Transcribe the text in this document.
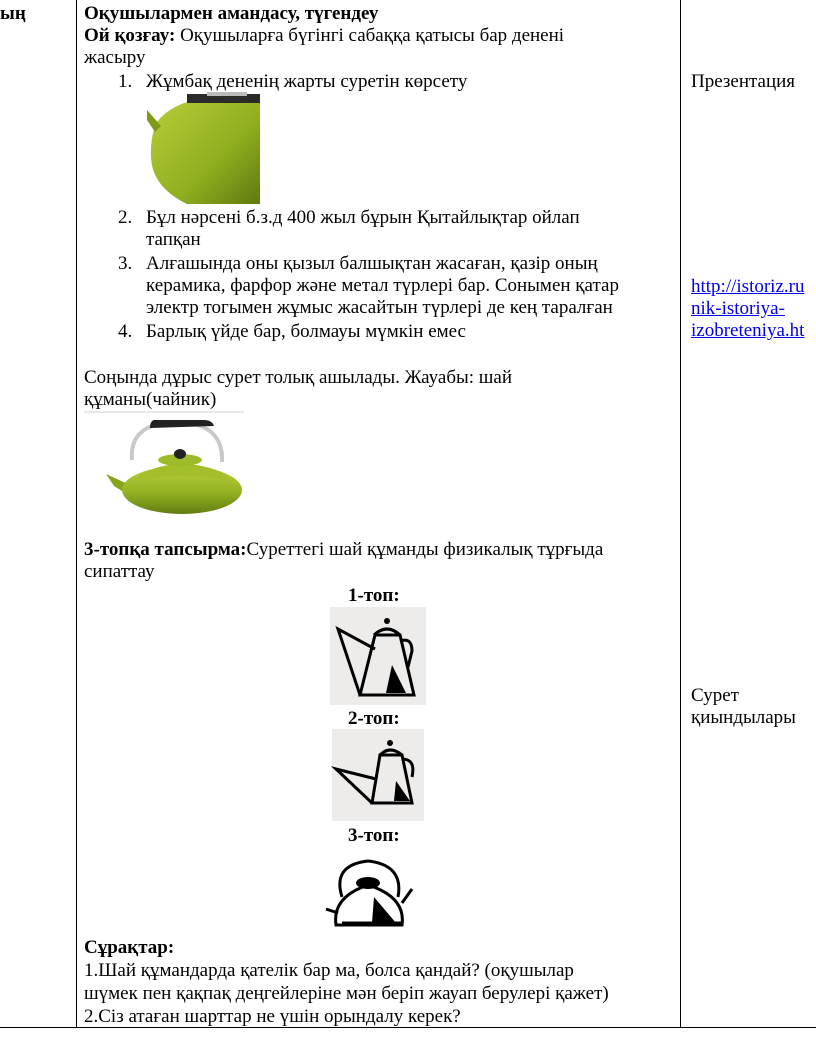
ың	Оқушылармен амандасу, түгендеу
Ой қозғау: Оқушыларға бүгінгі сабаққа қатысы бар денені
жасыру
1. Жұмбақ дененің жарты суретін көрсету
2. Бұл нәрсені б.з.д 400 жыл бұрын Қытайлықтар ойлап
тапқан
3. Алғашында оны қызыл балшықтан жасаған, қазір оның
керамика, фарфор және метал түрлері бар. Сонымен қатар
электр тогымен жұмыс жасайтын түрлері де кең таралған
4. Барлық үйде бар, болмауы мүмкін емес
Соңында дұрыс сурет толық ашылады. Жауабы: шай
құманы(чайник)
3-топқа тапсырма:Суреттегі шай құманды физикалық тұрғыда
сипаттау
1-топ:
2-топ:
3-топ:
Сұрақтар:
1.Шай құмандарда қателік бар ма, болса қандай? (оқушылар
шүмек пен қақпақ деңгейлеріне мән беріп жауап берулері қажет)
2.Сіз атаған шарттар не үшін орындалу керек?
Презентация
http://istoriz.ru
nik-istoriya-
izobreteniya.ht
Сурет
қиындылары
